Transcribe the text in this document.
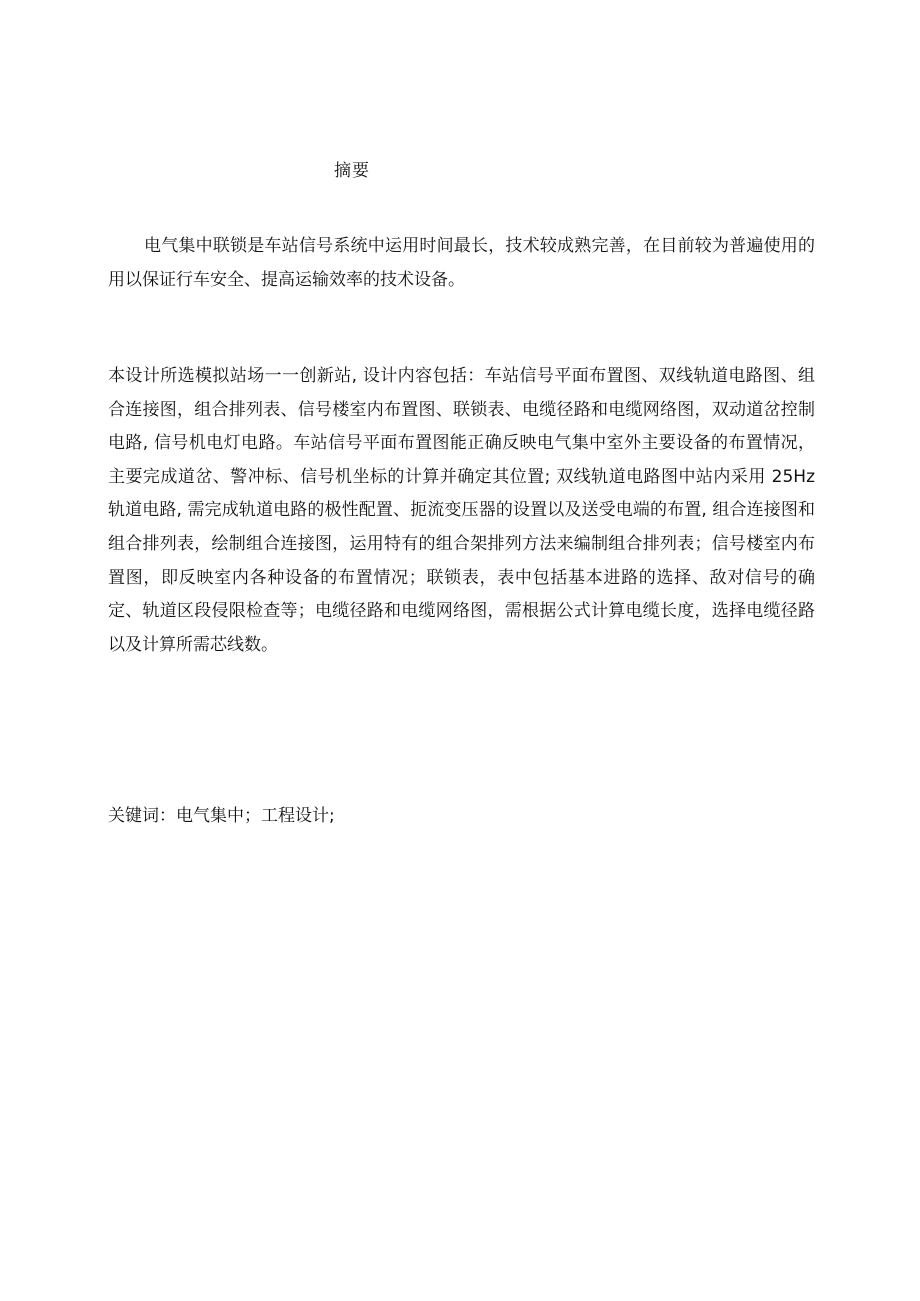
摘要

电气集中联锁是车站信号系统中运用时间最长，技术较成熟完善，在目前较为普遍使用的用以保证行车安全、提高运输效率的技术设备。

本设计所选模拟站场一一创新站, 设计内容包括：车站信号平面布置图、双线轨道电路图、组合连接图，组合排列表、信号楼室内布置图、联锁表、电缆径路和电缆网络图，双动道岔控制电路, 信号机电灯电路。车站信号平面布置图能正确反映电气集中室外主要设备的布置情况，主要完成道岔、警冲标、信号机坐标的计算并确定其位置; 双线轨道电路图中站内采用 25Hz 轨道电路, 需完成轨道电路的极性配置、扼流变压器的设置以及送受电端的布置, 组合连接图和组合排列表，绘制组合连接图，运用特有的组合架排列方法来编制组合排列表；信号楼室内布置图，即反映室内各种设备的布置情况；联锁表，表中包括基本进路的选择、敌对信号的确定、轨道区段侵限检查等；电缆径路和电缆网络图，需根据公式计算电缆长度，选择电缆径路以及计算所需芯线数。

关键词：电气集中；工程设计;
